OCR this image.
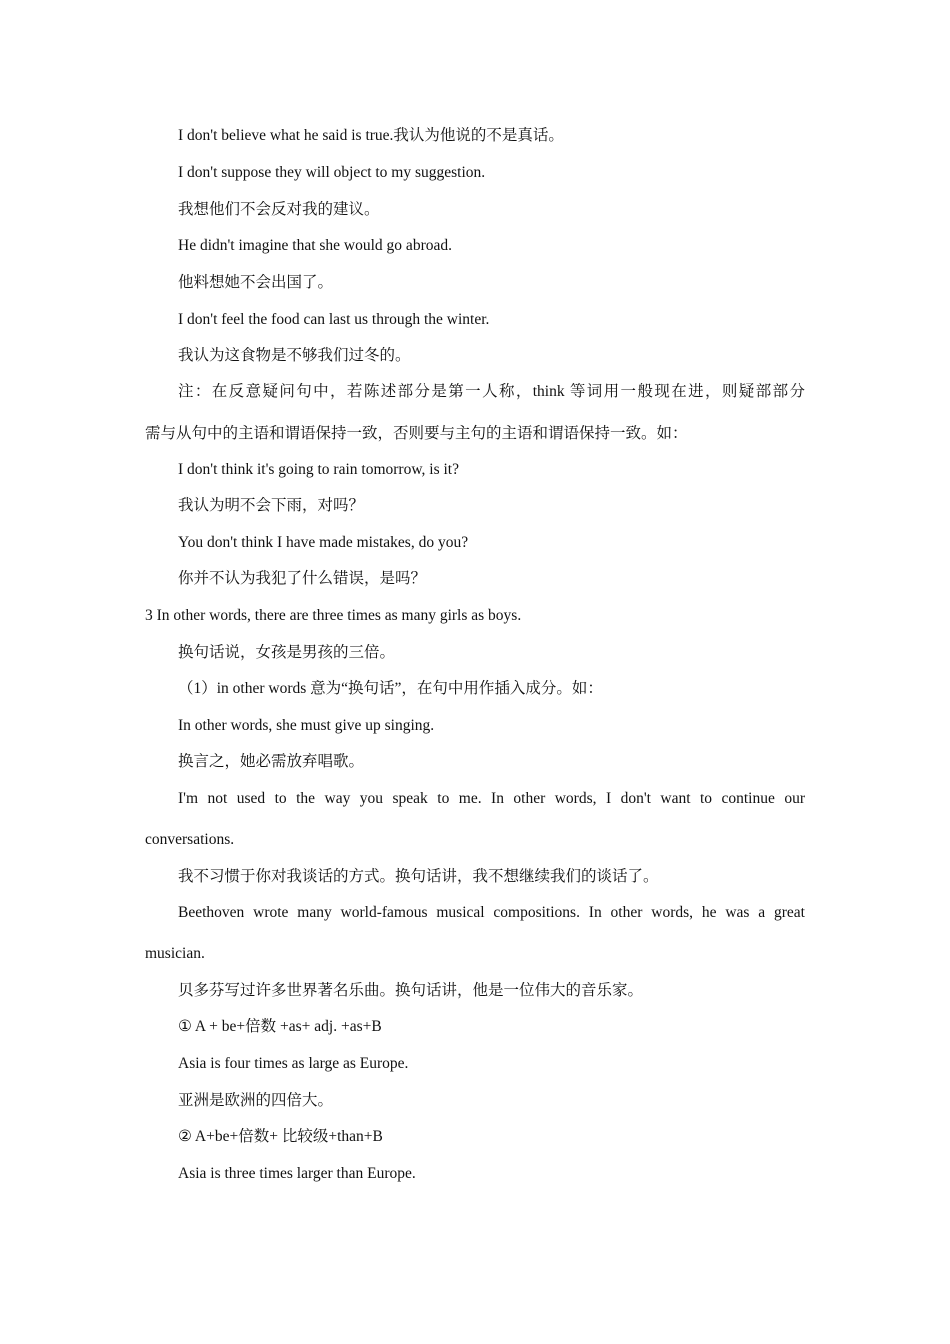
I don't believe what he said is true.我认为他说的不是真话。
I don't suppose they will object to my suggestion.
我想他们不会反对我的建议。
He didn't imagine that she would go abroad.
他料想她不会出国了。
I don't feel the food can last us through the winter.
我认为这食物是不够我们过冬的。
注：在反意疑问句中，若陈述部分是第一人称，think 等词用一般现在进，则疑部部分
需与从句中的主语和谓语保持一致，否则要与主句的主语和谓语保持一致。如：
I don't think it's going to rain tomorrow, is it?
我认为明不会下雨，对吗？
You don't think I have made mistakes, do you?
你并不认为我犯了什么错误，是吗？
3 In other words, there are three times as many girls as boys.
换句话说，女孩是男孩的三倍。
（1）in other words 意为“换句话”，在句中用作插入成分。如：
In other words, she must give up singing.
换言之，她必需放弃唱歌。
I'm not used to the way you speak to me. In other words, I don't want to continue our
conversations.
我不习惯于你对我谈话的方式。换句话讲，我不想继续我们的谈话了。
Beethoven wrote many world-famous musical compositions. In other words, he was a great
musician.
贝多芬写过许多世界著名乐曲。换句话讲，他是一位伟大的音乐家。
① A + be+倍数 +as+ adj. +as+B
Asia is four times as large as Europe.
亚洲是欧洲的四倍大。
② A+be+倍数+ 比较级+than+B
Asia is three times larger than Europe.
